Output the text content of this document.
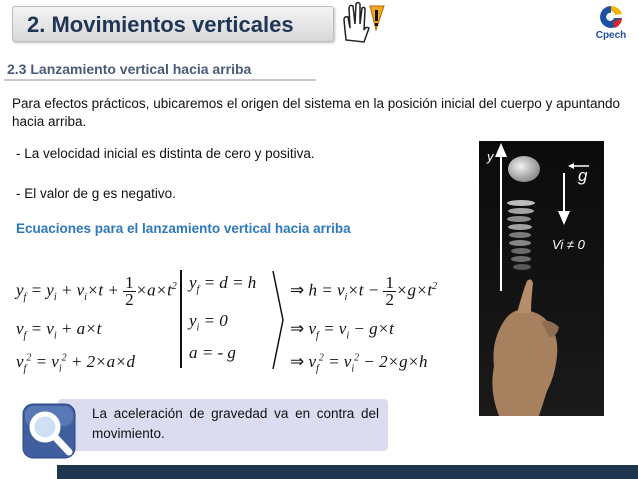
2. Movimientos verticales	Cpech
2.3 Lanzamiento vertical hacia arriba
Para efectos prácticos, ubicaremos el origen del sistema en la posición inicial del cuerpo y apuntando hacia arriba.
- La velocidad inicial es distinta de cero y positiva.
- El valor de g es negativo.
Ecuaciones para el lanzamiento vertical hacia arriba
$y_f = y_i + v_i\times t + \frac{1}{2} \times a\times t^2$
$v_f = v_i + a\times t$
$v_f^2 = v_i^2 + 2\times a\times d$
$y_f = d = h$
$y_i = 0$
a = - g
⇒ $h = v_i\times t - \frac{1}{2} \times g\times t^2$
⇒ $v_f = v_i - g\times t$
⇒ $v_f^2 = v_i^2 - 2\times g\times h$
y
g
Vi ≠ 0
La aceleración de gravedad va en contra del movimiento.
